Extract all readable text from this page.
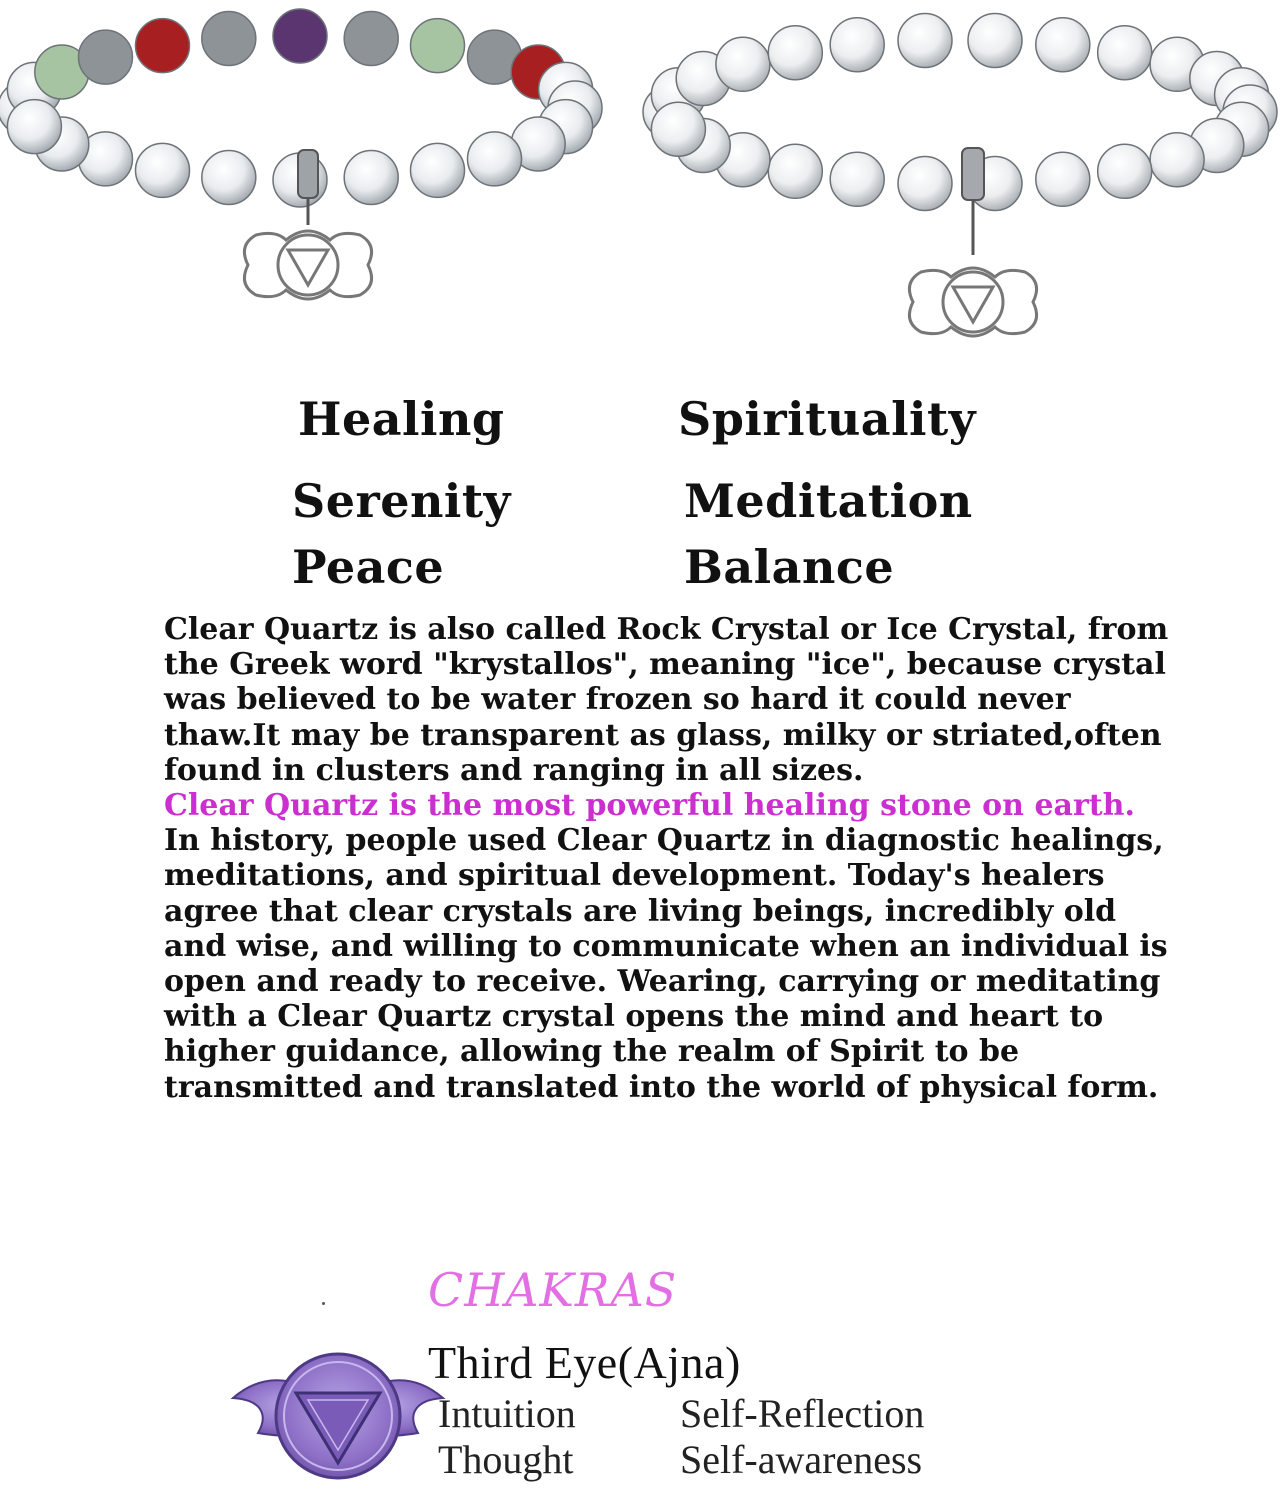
Healing
Serenity
Peace
Spirituality
Meditation
Balance

Clear Quartz is also called Rock Crystal or Ice Crystal, from the Greek word "krystallos", meaning "ice", because crystal was believed to be water frozen so hard it could never thaw.It may be transparent as glass, milky or striated,often found in clusters and ranging in all sizes.

Clear Quartz is the most powerful healing stone on earth.

In history, people used Clear Quartz in diagnostic healings, meditations, and spiritual development. Today's healers agree that clear crystals are living beings, incredibly old and wise, and willing to communicate when an individual is open and ready to receive. Wearing, carrying or meditating with a Clear Quartz crystal opens the mind and heart to higher guidance, allowing the realm of Spirit to be transmitted and translated into the world of physical form.

CHAKRAS
Third Eye(Ajna)
Intuition
Thought
Self-Reflection
Self-awareness
